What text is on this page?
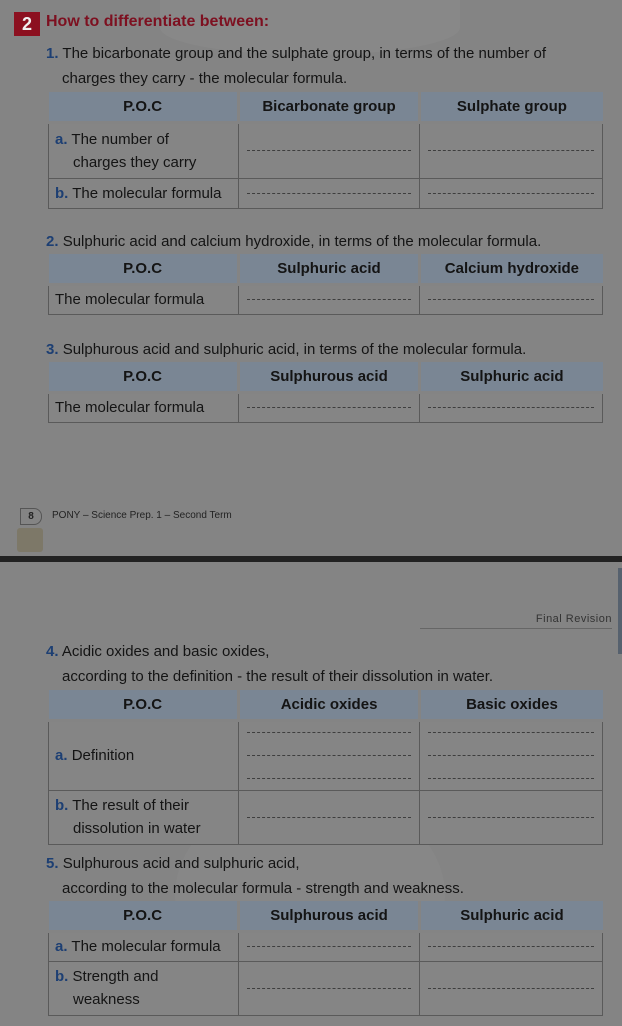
2 How to differentiate between:
1. The bicarbonate group and the sulphate group, in terms of the number of
charges they carry - the molecular formula.
P.O.C	Bicarbonate group	Sulphate group
a. The number of
charges they carry	

b. The molecular formula	

2. Sulphuric acid and calcium hydroxide, in terms of the molecular formula.
P.O.C	Sulphuric acid	Calcium hydroxide
The molecular formula	

3. Sulphurous acid and sulphuric acid, in terms of the molecular formula.
P.O.C	Sulphurous acid	Sulphuric acid
The molecular formula	

8	PONY – Science Prep. 1 – Second Term
Final Revision
4. Acidic oxides and basic oxides,
according to the definition - the result of their dissolution in water.
P.O.C	Acidic oxides	Basic oxides
a. Definition	

b. The result of their
dissolution in water	

5. Sulphurous acid and sulphuric acid,
according to the molecular formula - strength and weakness.
P.O.C	Sulphurous acid	Sulphuric acid
a. The molecular formula	

b. Strength and
weakness	
